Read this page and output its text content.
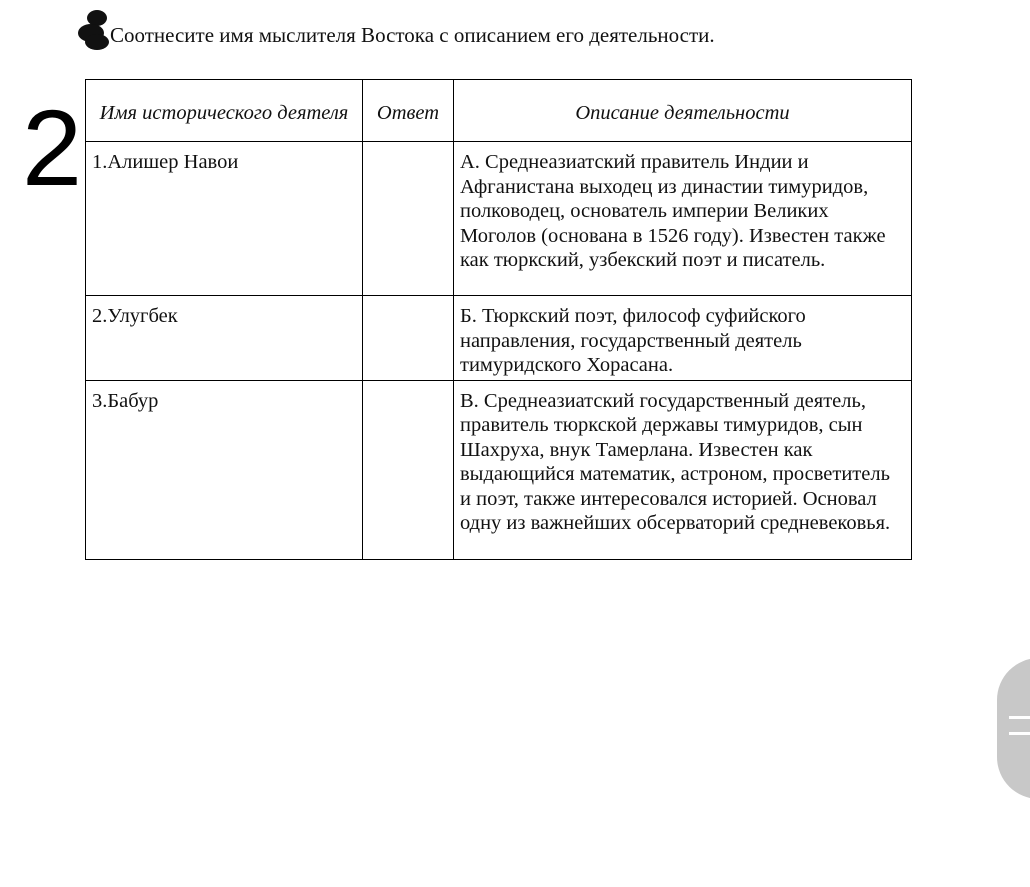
2
Соотнесите имя мыслителя Востока с описанием его деятельности.
Имя исторического деятеля	Ответ	Описание деятельности
1.Алишер Навои		А. Среднеазиатский правитель Индии и Афганистана выходец из династии тимуридов, полководец, основатель империи Великих Моголов (основана в 1526 году). Известен также как тюркский, узбекский поэт и писатель.
2.Улугбек		Б. Тюркский поэт, философ суфийского направления, государственный деятель тимуридского Хорасана.
3.Бабур		В. Среднеазиатский государственный деятель, правитель тюркской державы тимуридов, сын Шахруха, внук Тамерлана. Известен как выдающийся математик, астроном, просветитель и поэт, также интересовался историей. Основал одну из важнейших обсерваторий средневековья.
